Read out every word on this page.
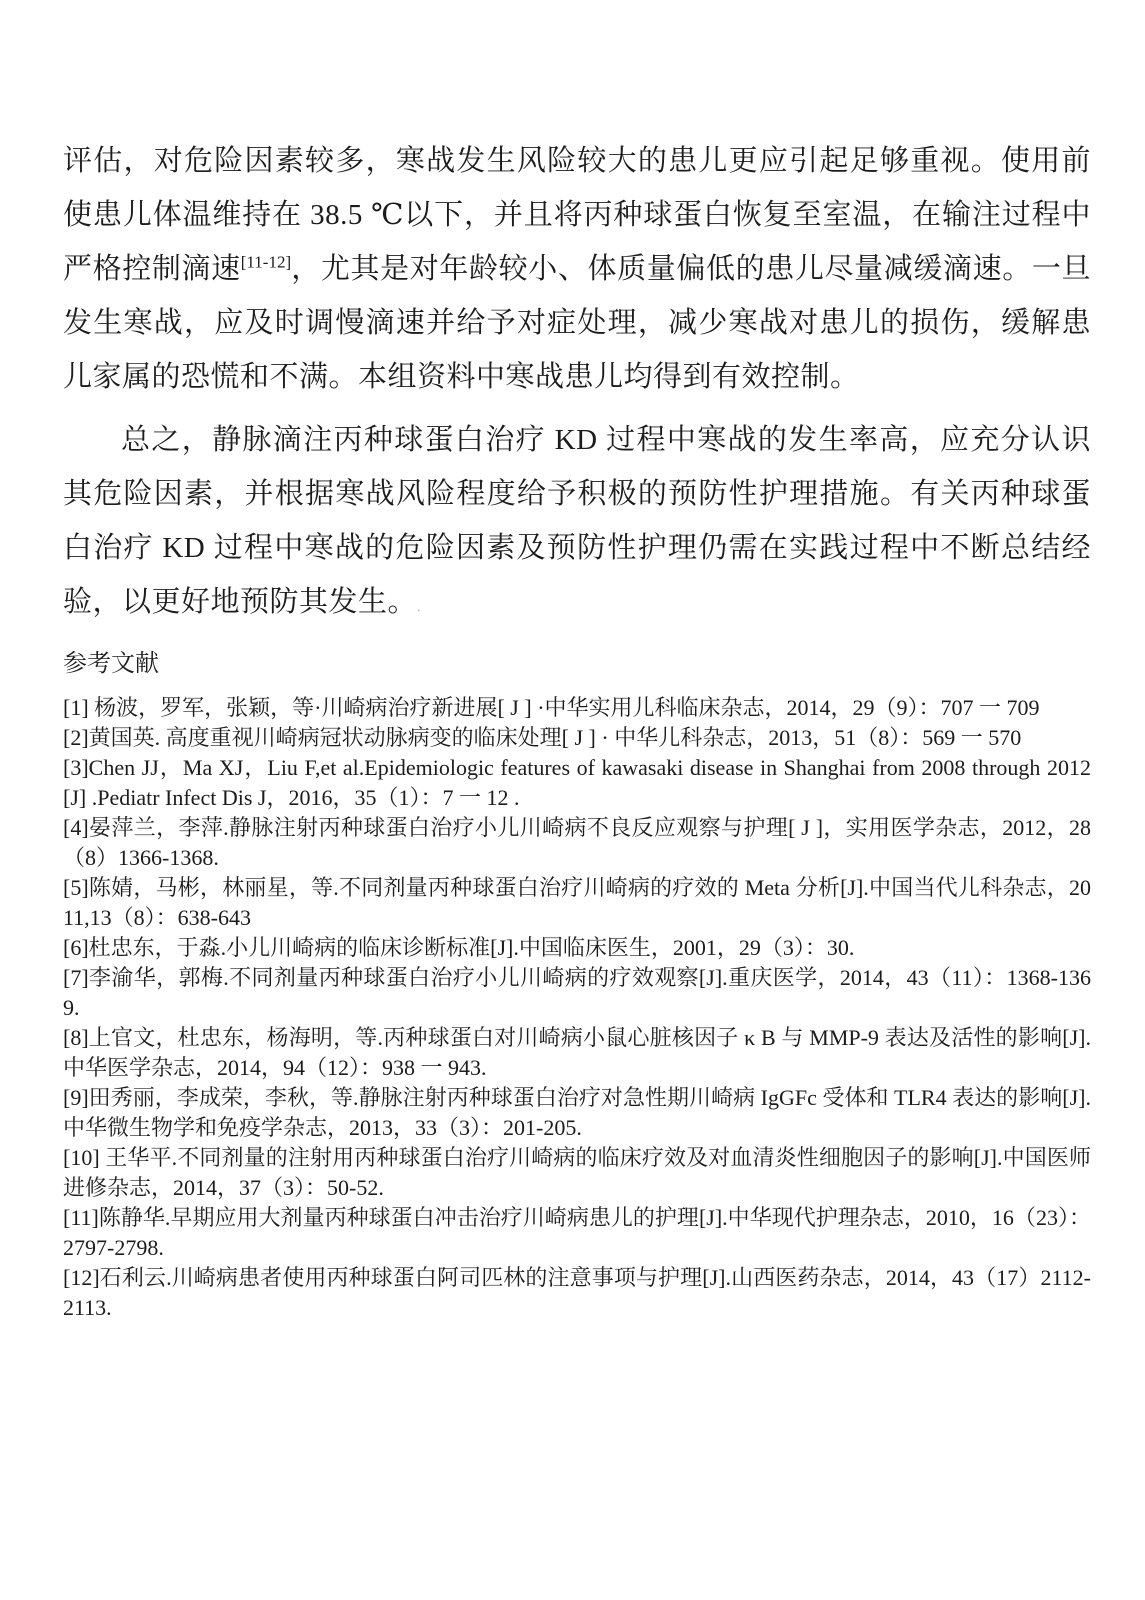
评估，对危险因素较多，寒战发生风险较大的患儿更应引起足够重视。使用前使患儿体温维持在 38.5 ℃以下，并且将丙种球蛋白恢复至室温，在输注过程中严格控制滴速[11-12]，尤其是对年龄较小、体质量偏低的患儿尽量减缓滴速。一旦发生寒战，应及时调慢滴速并给予对症处理，减少寒战对患儿的损伤，缓解患儿家属的恐慌和不满。本组资料中寒战患儿均得到有效控制。

总之，静脉滴注丙种球蛋白治疗 KD 过程中寒战的发生率高，应充分认识其危险因素，并根据寒战风险程度给予积极的预防性护理措施。有关丙种球蛋白治疗 KD 过程中寒战的危险因素及预防性护理仍需在实践过程中不断总结经验，以更好地预防其发生。.

参考文献

[1] 杨波，罗军，张颖，等·川崎病治疗新进展[ J ] ·中华实用儿科临床杂志，2014，29（9）：707 一 709

[2]黄国英. 高度重视川崎病冠状动脉病变的临床处理[ J ] · 中华儿科杂志，2013，51（8）：569 一 570

[3]Chen JJ，Ma XJ，Liu F,et al.Epidemiologic features of kawasaki disease in Shanghai from 2008 through 2012 [J] .Pediatr Infect Dis J，2016，35（1）：7 一 12 .

[4]晏萍兰，李萍.静脉注射丙种球蛋白治疗小儿川崎病不良反应观察与护理[ J ]，实用医学杂志，2012，28（8）1366-1368.

[5]陈婧，马彬，林丽星，等.不同剂量丙种球蛋白治疗川崎病的疗效的 Meta 分析[J].中国当代儿科杂志，2011,13（8）：638-643

[6]杜忠东，于淼.小儿川崎病的临床诊断标准[J].中国临床医生，2001，29（3）：30.

[7]李渝华，郭梅.不同剂量丙种球蛋白治疗小儿川崎病的疗效观察[J].重庆医学，2014，43（11）：1368-1369.

[8]上官文，杜忠东，杨海明，等.丙种球蛋白对川崎病小鼠心脏核因子 κ B 与 MMP-9 表达及活性的影响[J].中华医学杂志，2014，94（12）：938 一 943.

[9]田秀丽，李成荣，李秋，等.静脉注射丙种球蛋白治疗对急性期川崎病 IgGFc 受体和 TLR4 表达的影响[J].中华微生物学和免疫学杂志，2013，33（3）：201-205.

[10] 王华平.不同剂量的注射用丙种球蛋白治疗川崎病的临床疗效及对血清炎性细胞因子的影响[J].中国医师进修杂志，2014，37（3）：50-52.

[11]陈静华.早期应用大剂量丙种球蛋白冲击治疗川崎病患儿的护理[J].中华现代护理杂志，2010，16（23）：2797-2798.

[12]石利云.川崎病患者使用丙种球蛋白阿司匹林的注意事项与护理[J].山西医药杂志，2014，43（17）2112-2113.
